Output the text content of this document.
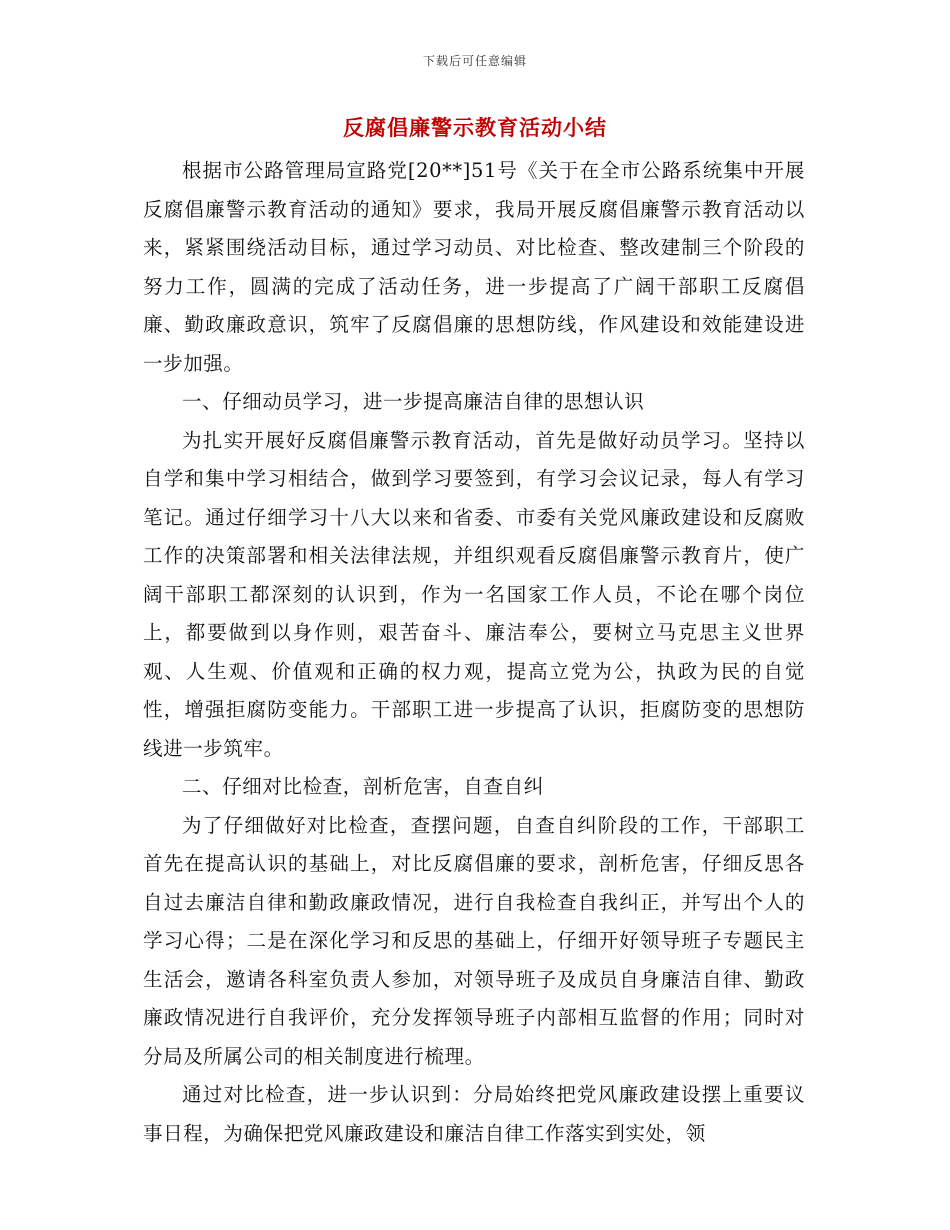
下载后可任意编辑
反腐倡廉警示教育活动小结

根据市公路管理局宣路党[20**]51号《关于在全市公路系统集中开展反腐倡廉警示教育活动的通知》要求，我局开展反腐倡廉警示教育活动以来，紧紧围绕活动目标，通过学习动员、对比检查、整改建制三个阶段的努力工作，圆满的完成了活动任务，进一步提高了广阔干部职工反腐倡廉、勤政廉政意识，筑牢了反腐倡廉的思想防线，作风建设和效能建设进一步加强。

一、仔细动员学习，进一步提高廉洁自律的思想认识

为扎实开展好反腐倡廉警示教育活动，首先是做好动员学习。坚持以自学和集中学习相结合，做到学习要签到，有学习会议记录，每人有学习笔记。通过仔细学习十八大以来和省委、市委有关党风廉政建设和反腐败工作的决策部署和相关法律法规，并组织观看反腐倡廉警示教育片，使广阔干部职工都深刻的认识到，作为一名国家工作人员，不论在哪个岗位上，都要做到以身作则，艰苦奋斗、廉洁奉公，要树立马克思主义世界观、人生观、价值观和正确的权力观，提高立党为公，执政为民的自觉性，增强拒腐防变能力。干部职工进一步提高了认识，拒腐防变的思想防线进一步筑牢。

二、仔细对比检查，剖析危害，自查自纠

为了仔细做好对比检查，查摆问题，自查自纠阶段的工作，干部职工首先在提高认识的基础上，对比反腐倡廉的要求，剖析危害，仔细反思各自过去廉洁自律和勤政廉政情况，进行自我检查自我纠正，并写出个人的学习心得；二是在深化学习和反思的基础上，仔细开好领导班子专题民主生活会，邀请各科室负责人参加，对领导班子及成员自身廉洁自律、勤政廉政情况进行自我评价，充分发挥领导班子内部相互监督的作用；同时对分局及所属公司的相关制度进行梳理。

通过对比检查，进一步认识到：分局始终把党风廉政建设摆上重要议事日程，为确保把党风廉政建设和廉洁自律工作落实到实处，领
